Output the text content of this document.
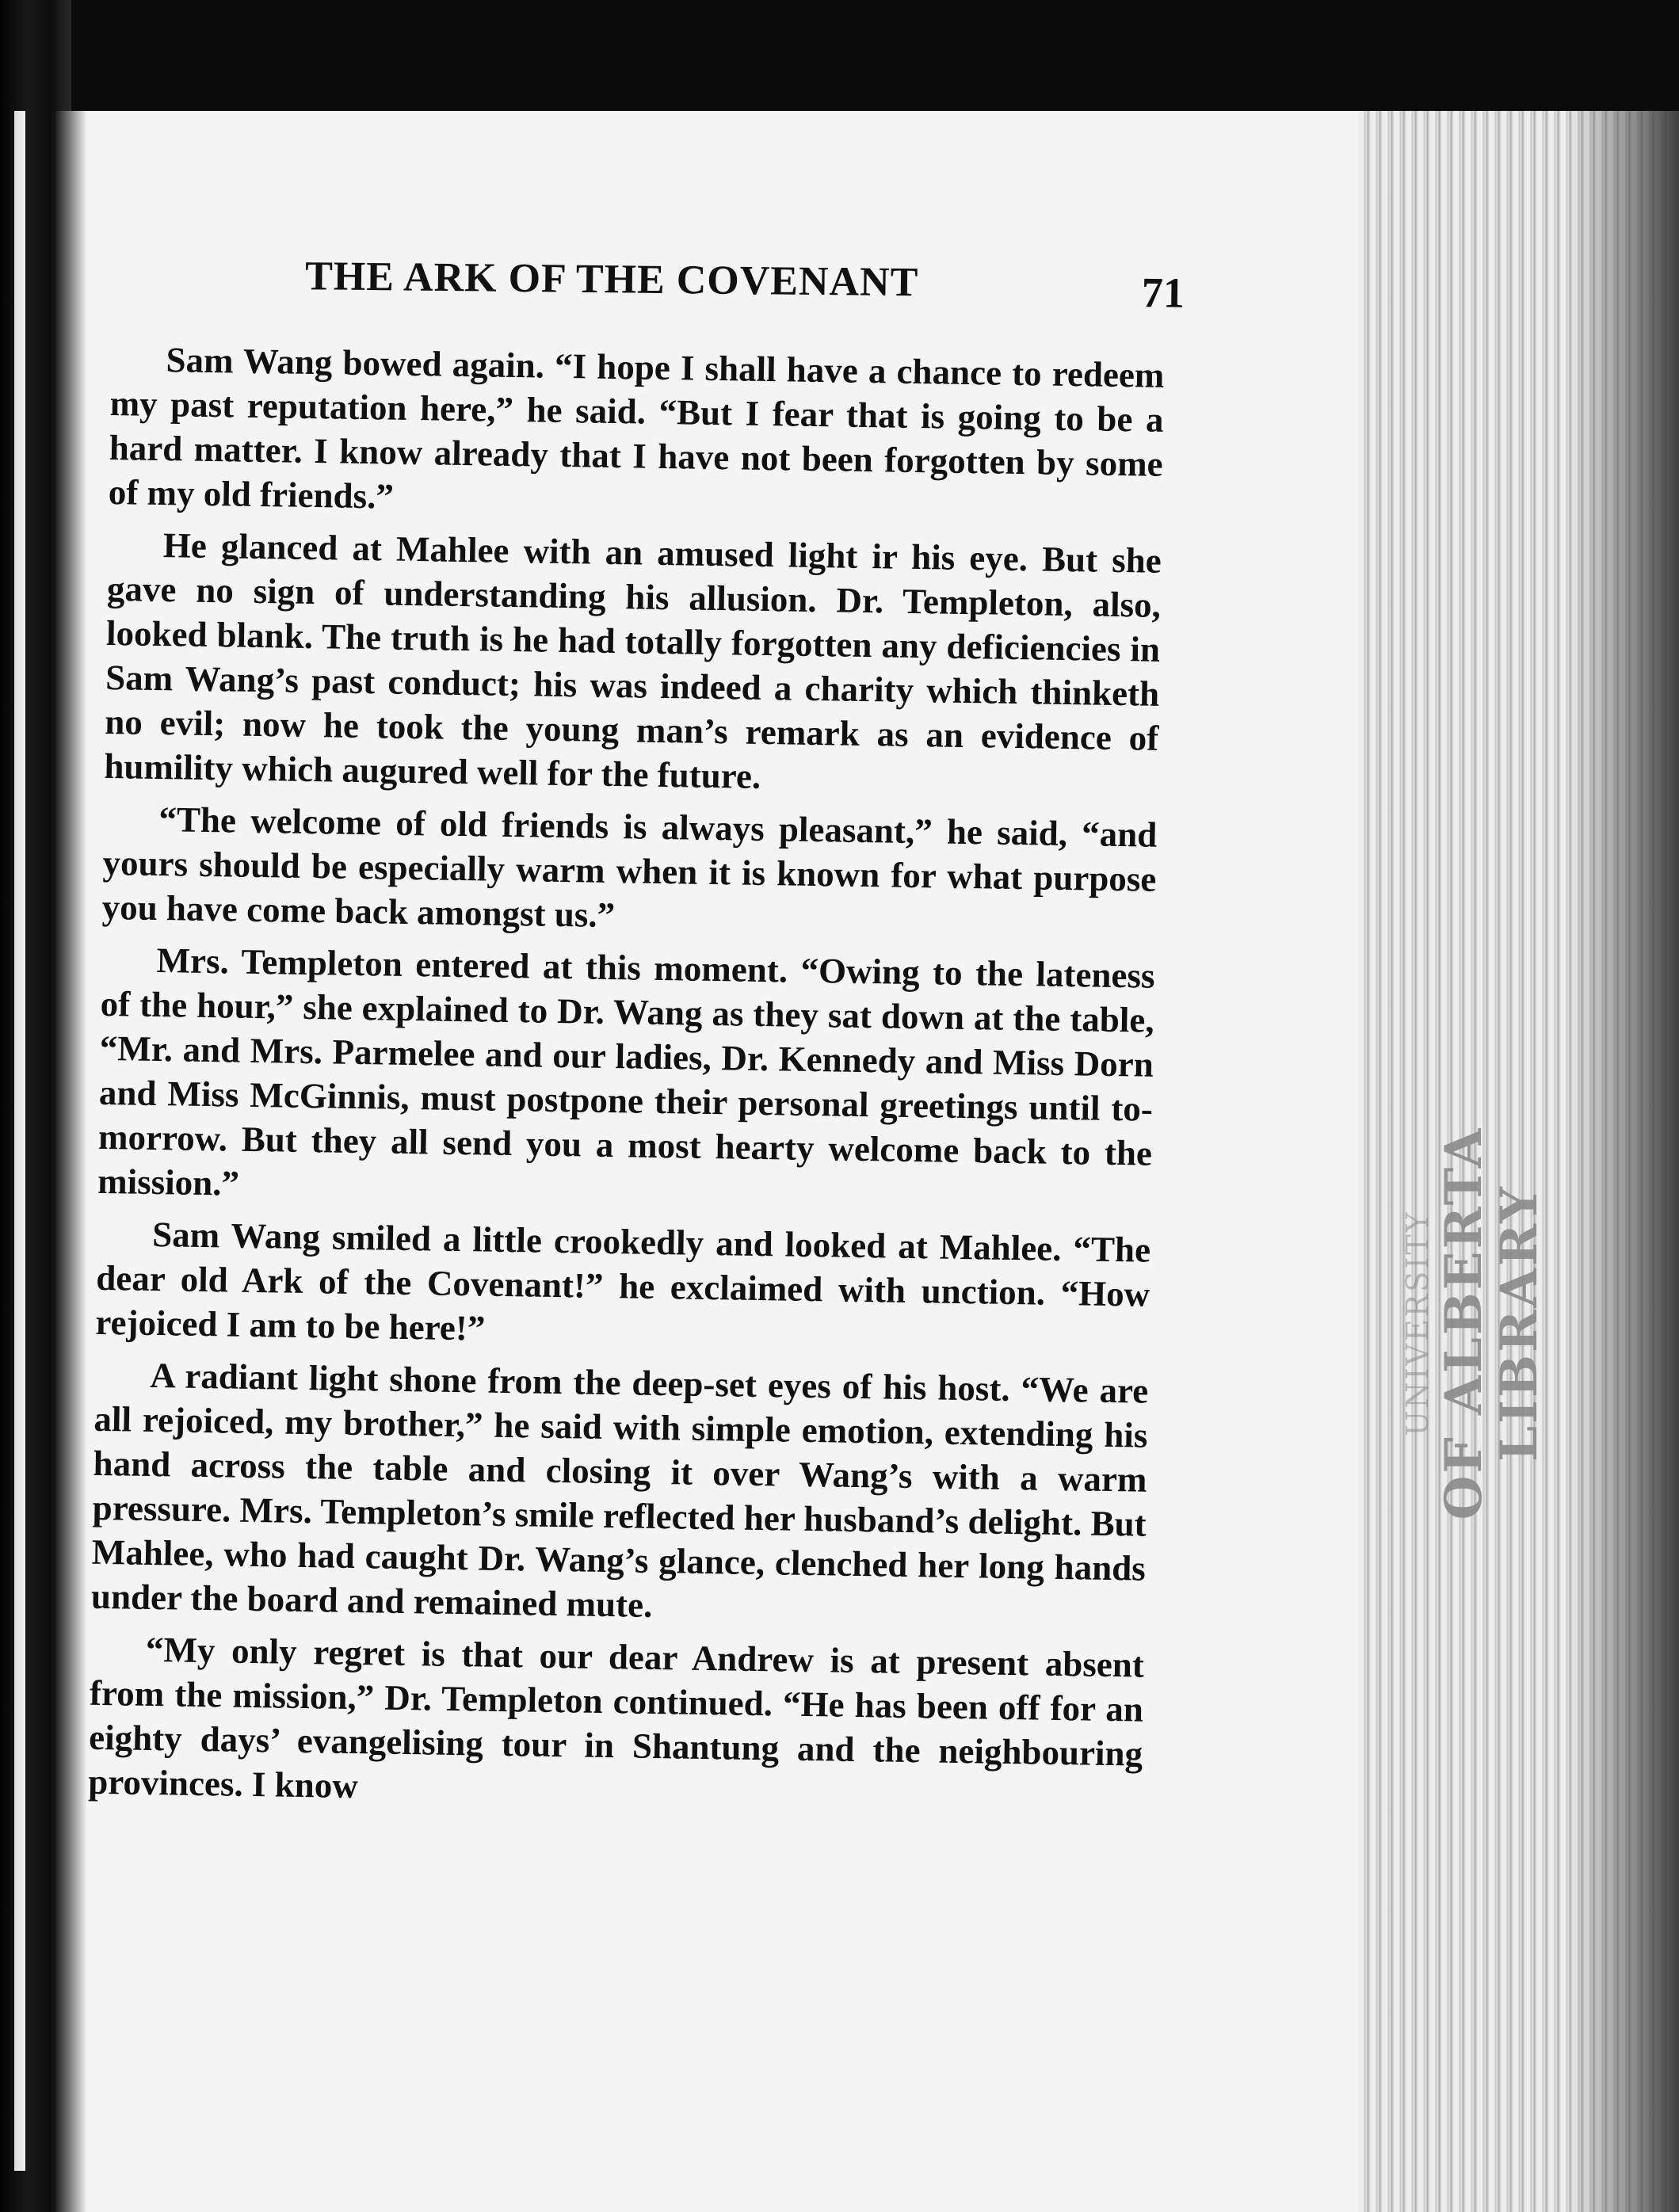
UNIVERSITY
OF ALBERTA LIBRARY
THE ARK OF THE COVENANT	71

Sam Wang bowed again. “I hope I shall have a chance to redeem my past reputation here,” he said. “But I fear that is going to be a hard matter. I know already that I have not been forgotten by some of my old friends.”

He glanced at Mahlee with an amused light ir his eye. But she gave no sign of understanding his allusion. Dr. Templeton, also, looked blank. The truth is he had totally forgotten any deficiencies in Sam Wang’s past conduct; his was indeed a charity which thinketh no evil; now he took the young man’s remark as an evidence of humility which augured well for the future.

“The welcome of old friends is always pleasant,” he said, “and yours should be especially warm when it is known for what purpose you have come back amongst us.”

Mrs. Templeton entered at this moment. “Owing to the lateness of the hour,” she explained to Dr. Wang as they sat down at the table, “Mr. and Mrs. Parmelee and our ladies, Dr. Kennedy and Miss Dorn and Miss McGinnis, must postpone their personal greetings until to-morrow. But they all send you a most hearty welcome back to the mission.”

Sam Wang smiled a little crookedly and looked at Mahlee. “The dear old Ark of the Covenant!” he exclaimed with unction. “How rejoiced I am to be here!”

A radiant light shone from the deep-set eyes of his host. “We are all rejoiced, my brother,” he said with simple emotion, extending his hand across the table and closing it over Wang’s with a warm pressure. Mrs. Templeton’s smile reflected her husband’s delight. But Mahlee, who had caught Dr. Wang’s glance, clenched her long hands under the board and remained mute.

“My only regret is that our dear Andrew is at present absent from the mission,” Dr. Templeton continued. “He has been off for an eighty days’ evangelising tour in Shantung and the neighbouring provinces. I know
